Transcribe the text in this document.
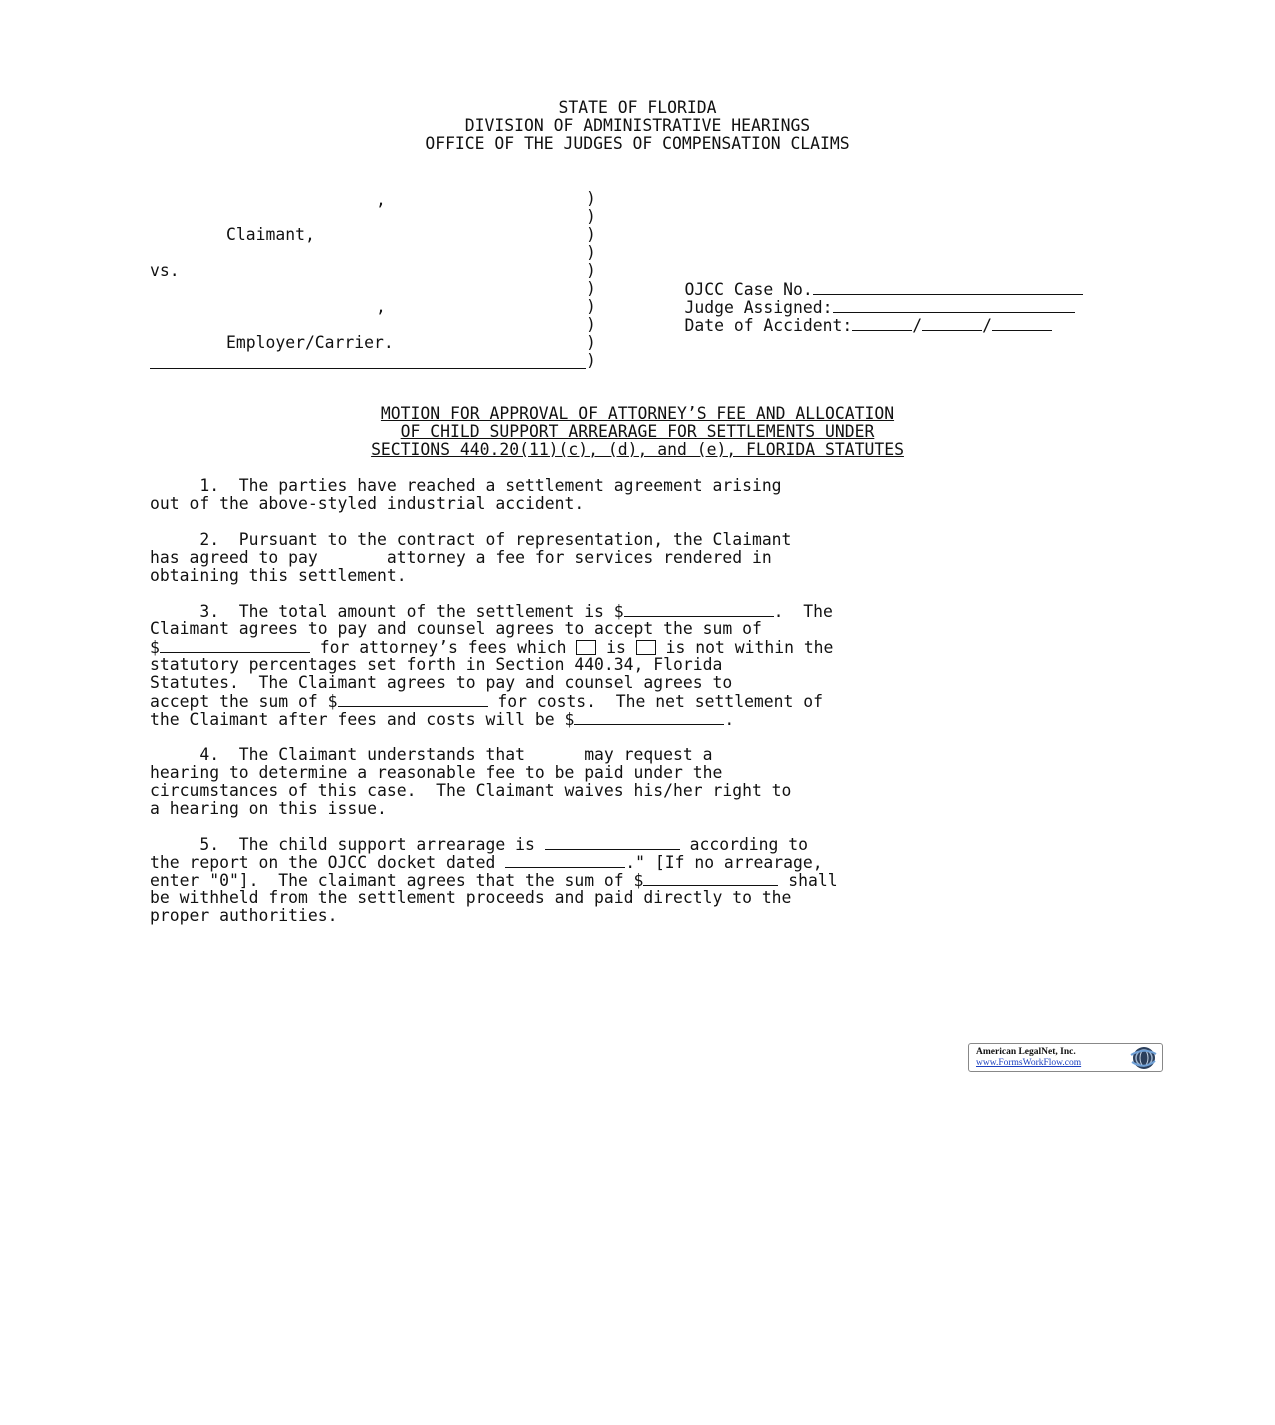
STATE OF FLORIDA

DIVISION OF ADMINISTRATIVE HEARINGS

OFFICE OF THE JUDGES OF COMPENSATION CLAIMS

,

Claimant,

vs.

,

Employer/Carrier.

)

)

)

)

)

)

)

)

)

)

OJCC Case No.

Judge Assigned:

Date of Accident:	/	/

MOTION FOR APPROVAL OF ATTORNEY’S FEE AND ALLOCATION

OF CHILD SUPPORT ARREARAGE FOR SETTLEMENTS UNDER

SECTIONS 440.20(11)(c), (d), and (e), FLORIDA STATUTES

1.  The parties have reached a settlement agreement arising

out of the above-styled industrial accident.

2.  Pursuant to the contract of representation, the Claimant

has agreed to pay       attorney a fee for services rendered in

obtaining this settlement.

3.  The total amount of the settlement is $	.  The

Claimant agrees to pay and counsel agrees to accept the sum of

$	for attorney’s fees which  is  is not within the

statutory percentages set forth in Section 440.34, Florida

Statutes.  The Claimant agrees to pay and counsel agrees to

accept the sum of $	for costs.  The net settlement of

the Claimant after fees and costs will be $	.

4.  The Claimant understands that      may request a

hearing to determine a reasonable fee to be paid under the

circumstances of this case.  The Claimant waives his/her right to

a hearing on this issue.

5.  The child support arrearage is	according to

the report on the OJCC docket dated	." [If no arrearage,

enter "0"].  The claimant agrees that the sum of $	shall

be withheld from the settlement proceeds and paid directly to the

proper authorities.

American LegalNet, Inc.

www.FormsWorkFlow.com
